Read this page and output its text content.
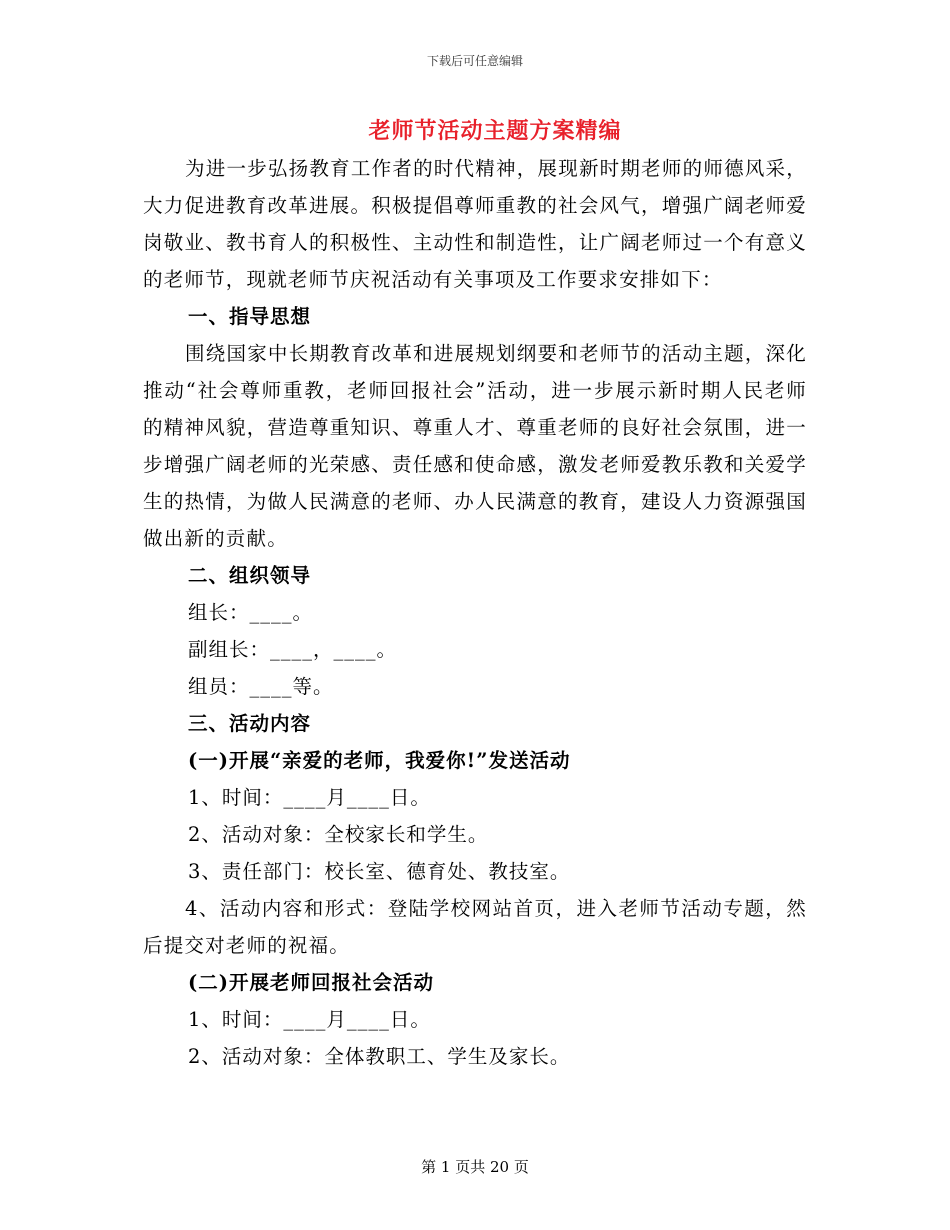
下载后可任意编辑
老师节活动主题方案精编

为进一步弘扬教育工作者的时代精神，展现新时期老师的师德风采，大力促进教育改革进展。积极提倡尊师重教的社会风气，增强广阔老师爱岗敬业、教书育人的积极性、主动性和制造性，让广阔老师过一个有意义的老师节，现就老师节庆祝活动有关事项及工作要求安排如下：

一、指导思想

围绕国家中长期教育改革和进展规划纲要和老师节的活动主题，深化推动“社会尊师重教，老师回报社会”活动，进一步展示新时期人民老师的精神风貌，营造尊重知识、尊重人才、尊重老师的良好社会氛围，进一步增强广阔老师的光荣感、责任感和使命感，激发老师爱教乐教和关爱学生的热情，为做人民满意的老师、办人民满意的教育，建设人力资源强国做出新的贡献。

二、组织领导

组长：____。

副组长：____，____。

组员：____等。

三、活动内容

(一)开展“亲爱的老师，我爱你!”发送活动

1、时间：____月____日。

2、活动对象：全校家长和学生。

3、责任部门：校长室、德育处、教技室。

4、活动内容和形式：登陆学校网站首页，进入老师节活动专题，然后提交对老师的祝福。

(二)开展老师回报社会活动

1、时间：____月____日。

2、活动对象：全体教职工、学生及家长。

第 1 页共 20 页
